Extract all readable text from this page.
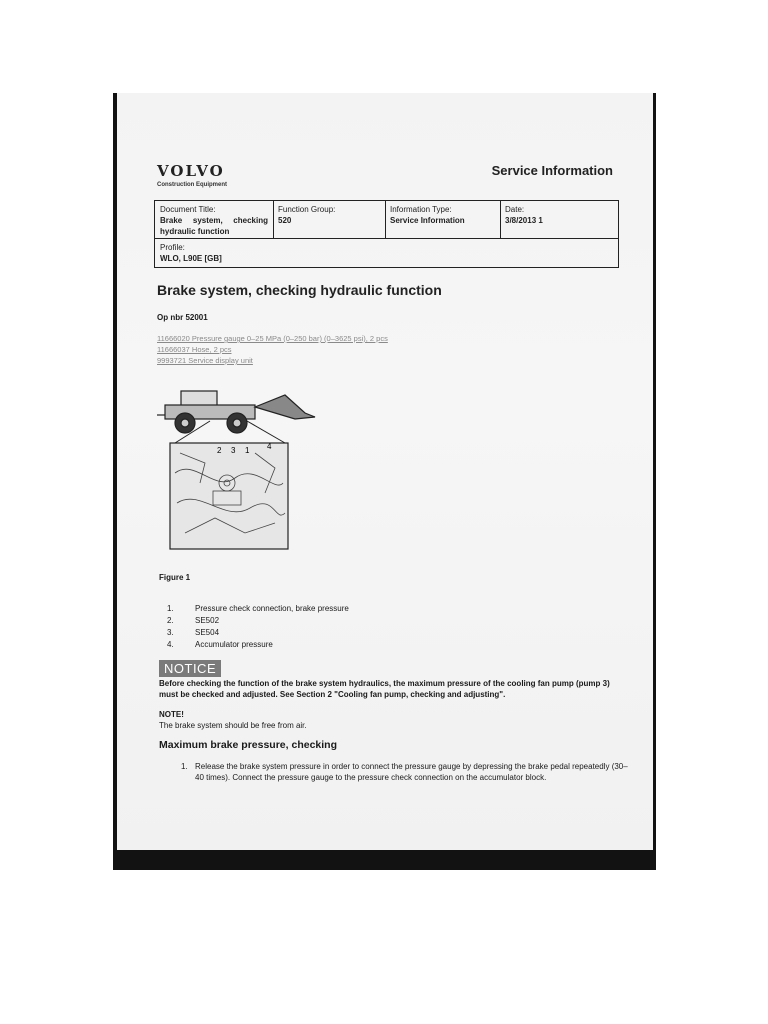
VOLVO
Construction Equipment
Service Information
Document Title:
Brake system, checking hydraulic function
Function Group:
520
Information Type:
Service Information
Date:
3/8/2013 1
Profile:
WLO, L90E [GB]
Brake system, checking hydraulic function
Op nbr 52001
11666020 Pressure gauge 0–25 MPa (0–250 bar) (0–3625 psi), 2 pcs
11666037 Hose, 2 pcs
9993721 Service display unit
2 3 1 4
Figure 1
1.	Pressure check connection, brake pressure
2.	SE502
3.	SE504
4.	Accumulator pressure
NOTICE
Before checking the function of the brake system hydraulics, the maximum pressure of the cooling fan pump (pump 3) must be checked and adjusted. See Section 2 "Cooling fan pump, checking and adjusting".
NOTE!
The brake system should be free from air.
Maximum brake pressure, checking
1. Release the brake system pressure in order to connect the pressure gauge by depressing the brake pedal repeatedly (30–40 times). Connect the pressure gauge to the pressure check connection on the accumulator block.
